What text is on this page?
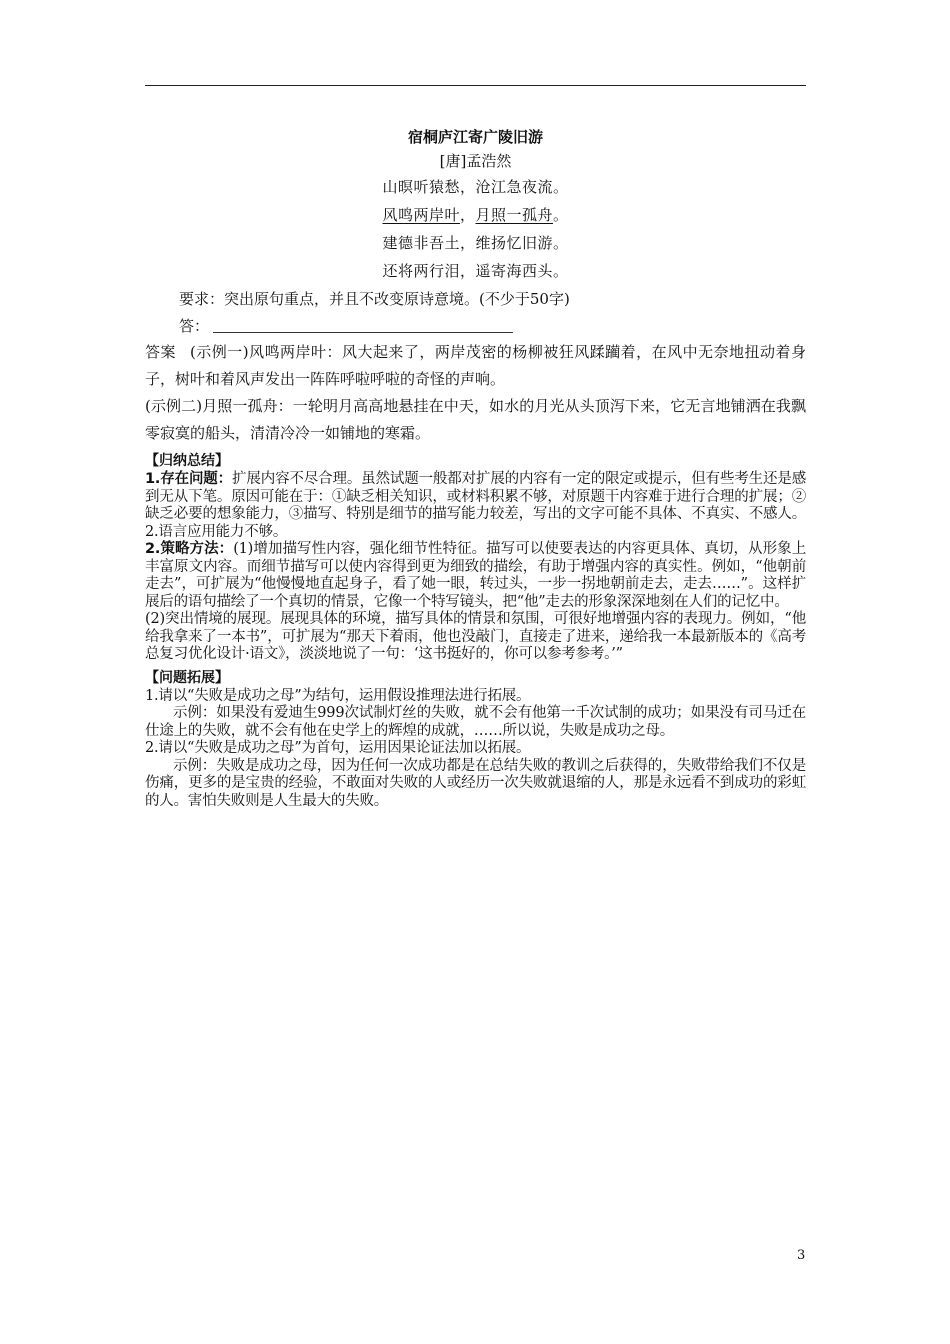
宿桐庐江寄广陵旧游
[唐]孟浩然
山暝听猿愁，沧江急夜流。
风鸣两岸叶，月照一孤舟。
建德非吾土，维扬忆旧游。
还将两行泪，遥寄海西头。
要求：突出原句重点，并且不改变原诗意境。(不少于50字)
答：

答案 (示例一)风鸣两岸叶：风大起来了，两岸茂密的杨柳被狂风蹂躏着，在风中无奈地扭动着身子，树叶和着风声发出一阵阵呼啦呼啦的奇怪的声响。

(示例二)月照一孤舟：一轮明月高高地悬挂在中天，如水的月光从头顶泻下来，它无言地铺洒在我飘零寂寞的船头，清清冷冷一如铺地的寒霜。

【归纳总结】

1.存在问题：扩展内容不尽合理。虽然试题一般都对扩展的内容有一定的限定或提示，但有些考生还是感到无从下笔。原因可能在于：①缺乏相关知识，或材料积累不够，对原题干内容难于进行合理的扩展；②缺乏必要的想象能力，③描写、特别是细节的描写能力较差，写出的文字可能不具体、不真实、不感人。2.语言应用能力不够。

2.策略方法：(1)增加描写性内容，强化细节性特征。描写可以使要表达的内容更具体、真切，从形象上丰富原文内容。而细节描写可以使内容得到更为细致的描绘，有助于增强内容的真实性。例如，“他朝前走去”，可扩展为“他慢慢地直起身子，看了她一眼，转过头，一步一拐地朝前走去，走去……”。这样扩展后的语句描绘了一个真切的情景，它像一个特写镜头，把“他”走去的形象深深地刻在人们的记忆中。

(2)突出情境的展现。展现具体的环境，描写具体的情景和氛围，可很好地增强内容的表现力。例如，“他给我拿来了一本书”，可扩展为“那天下着雨，他也没敲门，直接走了进来，递给我一本最新版本的《高考总复习优化设计·语文》，淡淡地说了一句：‘这书挺好的，你可以参考参考。’”

【问题拓展】

1.请以“失败是成功之母”为结句，运用假设推理法进行拓展。

示例：如果没有爱迪生999次试制灯丝的失败，就不会有他第一千次试制的成功；如果没有司马迁在仕途上的失败，就不会有他在史学上的辉煌的成就，……所以说，失败是成功之母。

2.请以“失败是成功之母”为首句，运用因果论证法加以拓展。

示例：失败是成功之母，因为任何一次成功都是在总结失败的教训之后获得的，失败带给我们不仅是伤痛，更多的是宝贵的经验，不敢面对失败的人或经历一次失败就退缩的人，那是永远看不到成功的彩虹的人。害怕失败则是人生最大的失败。

3
